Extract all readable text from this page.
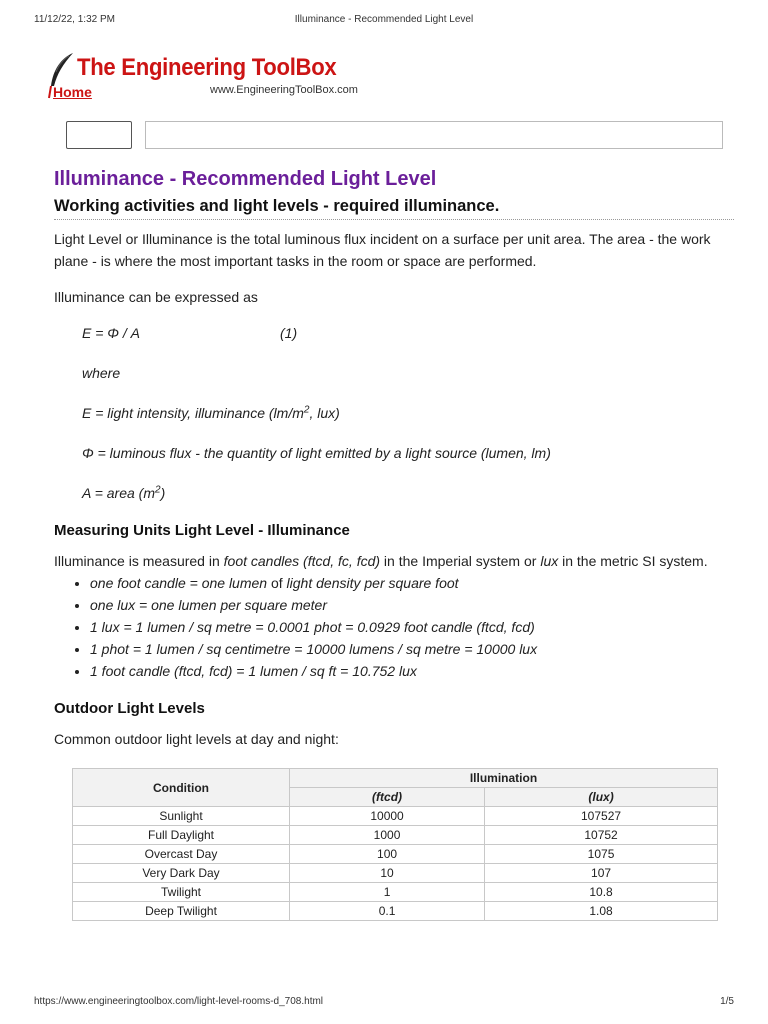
11/12/22, 1:32 PM	Illuminance - Recommended Light Level
The Engineering ToolBox
Home	www.EngineeringToolBox.com
Illuminance - Recommended Light Level
Working activities and light levels - required illuminance.

Light Level or Illuminance is the total luminous flux incident on a surface per unit area. The area - the work plane - is where the most important tasks in the room or space are performed.

Illuminance can be expressed as

E = Φ / A	(1)

where

E = light intensity, illuminance ($lm/m^2$, lux)

Φ = luminous flux - the quantity of light emitted by a light source (lumen, lm)

A = area $(m^2)$

Measuring Units Light Level - Illuminance

Illuminance is measured in foot candles (ftcd, fc, fcd) in the Imperial system or lux in the metric SI system.

• one foot candle = one lumen of light density per square foot
• one lux = one lumen per square meter
• 1 lux = 1 lumen / sq metre = 0.0001 phot = 0.0929 foot candle (ftcd, fcd)
• 1 phot = 1 lumen / sq centimetre = 10000 lumens / sq metre = 10000 lux
• 1 foot candle (ftcd, fcd) = 1 lumen / sq ft = 10.752 lux
Outdoor Light Levels

Common outdoor light levels at day and night:

Condition	Illumination	
	(ftcd)	(lux)
Sunlight	10000	107527
Full Daylight	1000	10752
Overcast Day	100	1075
Very Dark Day	10	107
Twilight	1	10.8
Deep Twilight	0.1	1.08
https://www.engineeringtoolbox.com/light-level-rooms-d_708.html	1/5
